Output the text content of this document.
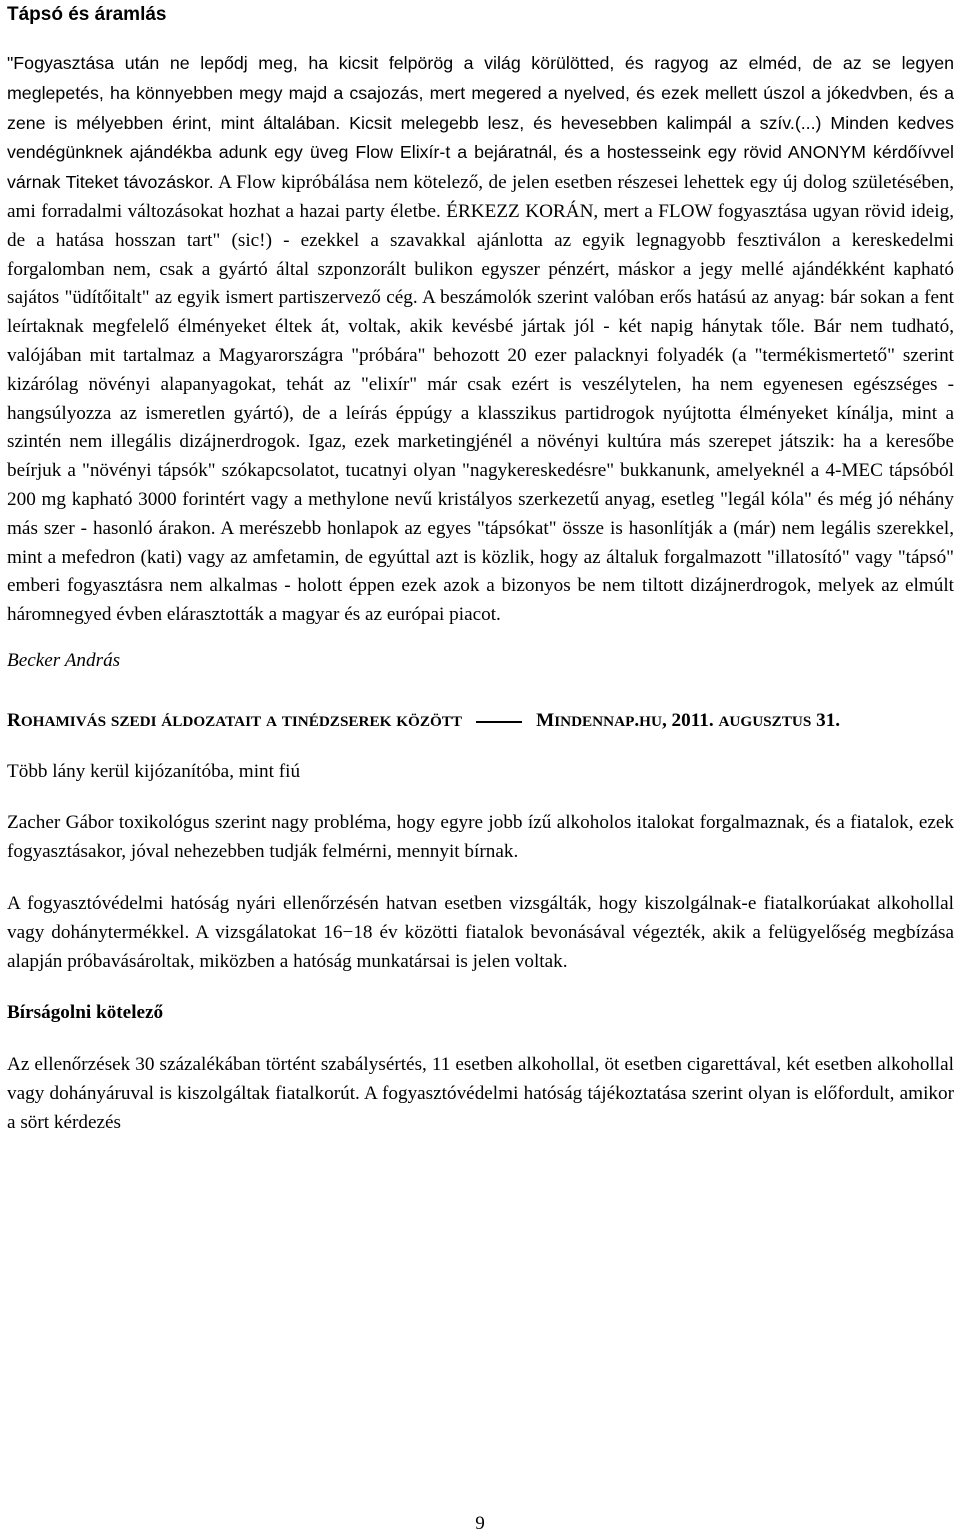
Tápsó és áramlás

"Fogyasztása után ne lepődj meg, ha kicsit felpörög a világ körülötted, és ragyog az elméd, de az se legyen meglepetés, ha könnyebben megy majd a csajozás, mert megered a nyelved, és ezek mellett úszol a jókedvben, és a zene is mélyebben érint, mint általában. Kicsit melegebb lesz, és hevesebben kalimpál a szív.(...) Minden kedves vendégünknek ajándékba adunk egy üveg Flow Elixír-t a bejáratnál, és a hostesseink egy rövid ANONYM kérdőívvel várnak Titeket távozáskor. A Flow kipróbálása nem kötelező, de jelen esetben részesei lehettek egy új dolog születésében, ami forradalmi változásokat hozhat a hazai party életbe. ÉRKEZZ KORÁN, mert a FLOW fogyasztása ugyan rövid ideig, de a hatása hosszan tart" (sic!) - ezekkel a szavakkal ajánlotta az egyik legnagyobb fesztiválon a kereskedelmi forgalomban nem, csak a gyártó által szponzorált bulikon egyszer pénzért, máskor a jegy mellé ajándékként kapható sajátos "üdítőitalt" az egyik ismert partiszervező cég. A beszámolók szerint valóban erős hatású az anyag: bár sokan a fent leírtaknak megfelelő élményeket éltek át, voltak, akik kevésbé jártak jól - két napig hánytak tőle. Bár nem tudható, valójában mit tartalmaz a Magyarországra "próbára" behozott 20 ezer palacknyi folyadék (a "termékismertető" szerint kizárólag növényi alapanyagokat, tehát az "elixír" már csak ezért is veszélytelen, ha nem egyenesen egészséges - hangsúlyozza az ismeretlen gyártó), de a leírás éppúgy a klasszikus partidrogok nyújtotta élményeket kínálja, mint a szintén nem illegális dizájnerdrogok. Igaz, ezek marketingjénél a növényi kultúra más szerepet játszik: ha a keresőbe beírjuk a "növényi tápsók" szókapcsolatot, tucatnyi olyan "nagykereskedésre" bukkanunk, amelyeknél a 4-MEC tápsóból 200 mg kapható 3000 forintért vagy a methylone nevű kristályos szerkezetű anyag, esetleg "legál kóla" és még jó néhány más szer - hasonló árakon. A merészebb honlapok az egyes "tápsókat" össze is hasonlítják a (már) nem legális szerekkel, mint a mefedron (kati) vagy az amfetamin, de egyúttal azt is közlik, hogy az általuk forgalmazott "illatosító" vagy "tápsó" emberi fogyasztásra nem alkalmas - holott éppen ezek azok a bizonyos be nem tiltott dizájnerdrogok, melyek az elmúlt háromnegyed évben elárasztották a magyar és az európai piacot.

Becker András

ROHAMIVÁS SZEDI ÁLDOZATAIT A TINÉDZSEREK KÖZÖTT	MINDENNAP.HU, 2011. AUGUSZTUS 31.

Több lány kerül kijózanítóba, mint fiú

Zacher Gábor toxikológus szerint nagy probléma, hogy egyre jobb ízű alkoholos italokat forgalmaznak, és a fiatalok, ezek fogyasztásakor, jóval nehezebben tudják felmérni, mennyit bírnak.

A fogyasztóvédelmi hatóság nyári ellenőrzésén hatvan esetben vizsgálták, hogy kiszolgálnak-e fiatalkorúakat alkohollal vagy dohánytermékkel. A vizsgálatokat 16−18 év közötti fiatalok bevonásával végezték, akik a felügyelőség megbízása alapján próbavásároltak, miközben a hatóság munkatársai is jelen voltak.

Bírságolni kötelező

Az ellenőrzések 30 százalékában történt szabálysértés, 11 esetben alkohollal, öt esetben cigarettával, két esetben alkohollal vagy dohányáruval is kiszolgáltak fiatalkorút. A fogyasztóvédelmi hatóság tájékoztatása szerint olyan is előfordult, amikor a sört kérdezés

9
